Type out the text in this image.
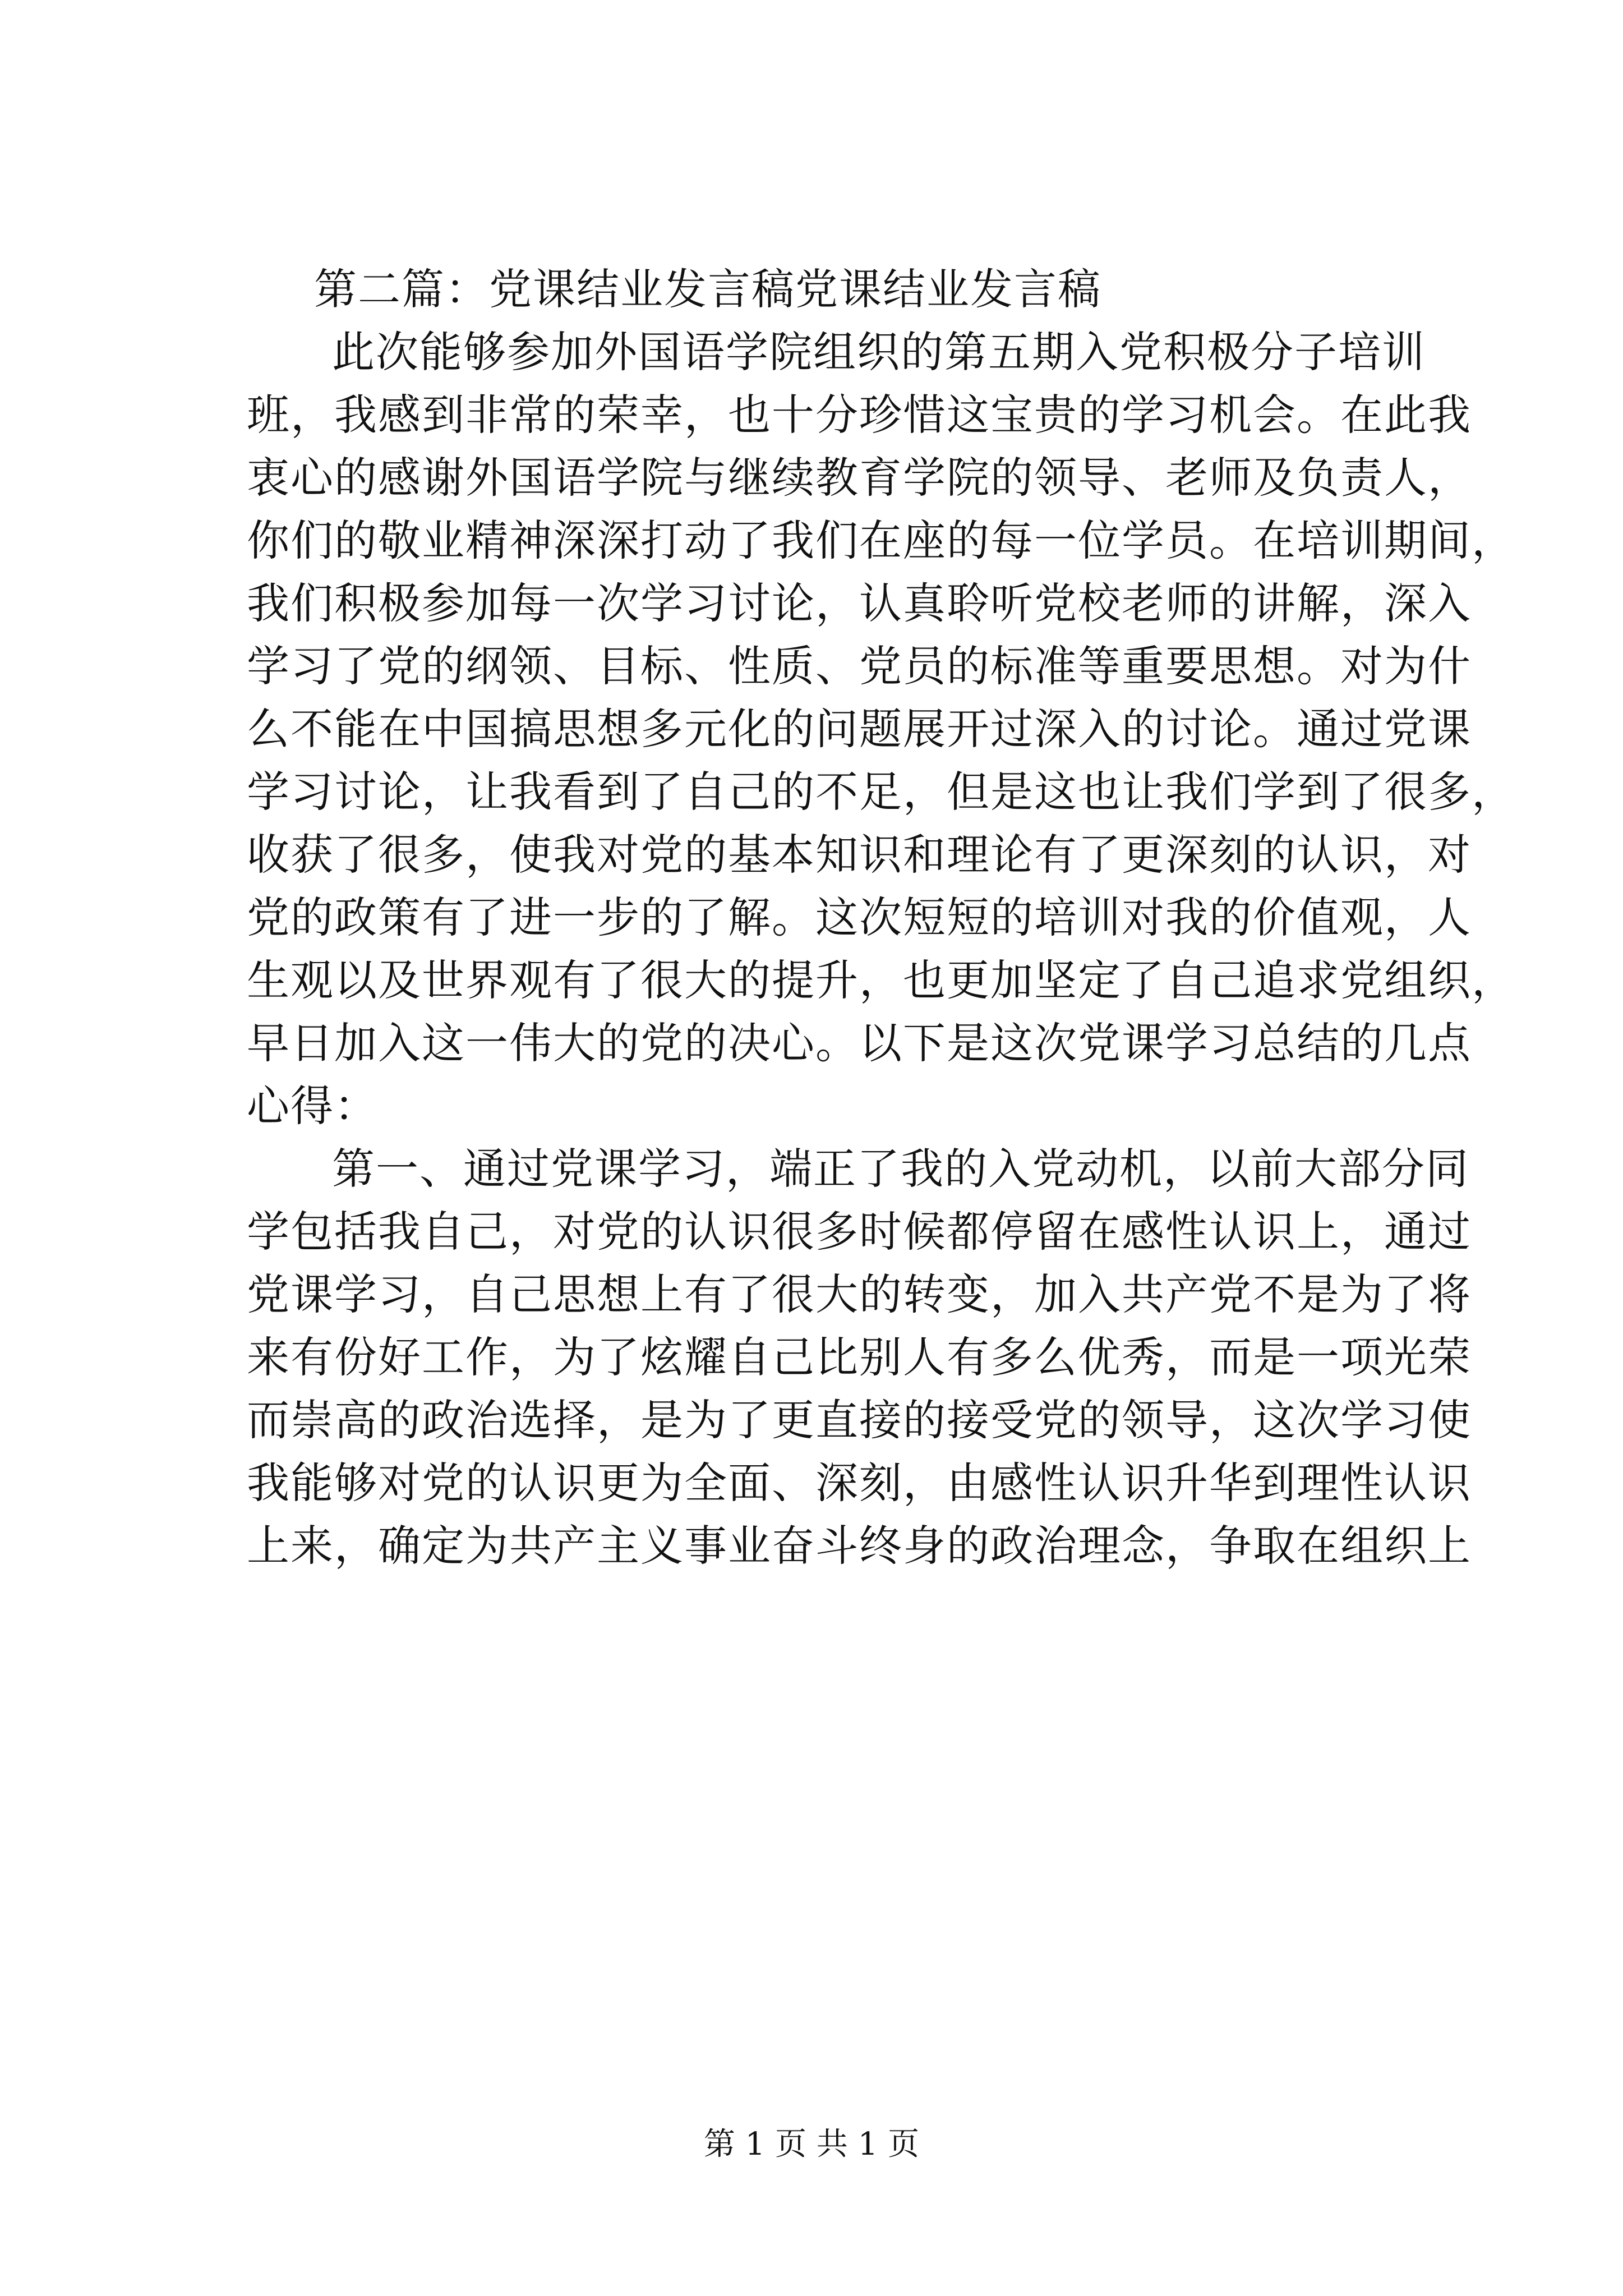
第二篇：党课结业发言稿党课结业发言稿
此次能够参加外国语学院组织的第五期入党积极分子培训
班，我感到非常的荣幸，也十分珍惜这宝贵的学习机会。在此我
衷心的感谢外国语学院与继续教育学院的领导、老师及负责人，
你们的敬业精神深深打动了我们在座的每一位学员。在培训期间，
我们积极参加每一次学习讨论，认真聆听党校老师的讲解，深入
学习了党的纲领、目标、性质、党员的标准等重要思想。对为什
么不能在中国搞思想多元化的问题展开过深入的讨论。通过党课
学习讨论，让我看到了自己的不足，但是这也让我们学到了很多，
收获了很多，使我对党的基本知识和理论有了更深刻的认识，对
党的政策有了进一步的了解。这次短短的培训对我的价值观，人
生观以及世界观有了很大的提升，也更加坚定了自己追求党组织，
早日加入这一伟大的党的决心。以下是这次党课学习总结的几点
心得：
第一、通过党课学习，端正了我的入党动机，以前大部分同
学包括我自己，对党的认识很多时候都停留在感性认识上，通过
党课学习，自己思想上有了很大的转变，加入共产党不是为了将
来有份好工作，为了炫耀自己比别人有多么优秀，而是一项光荣
而崇高的政治选择，是为了更直接的接受党的领导，这次学习使
我能够对党的认识更为全面、深刻，由感性认识升华到理性认识
上来，确定为共产主义事业奋斗终身的政治理念，争取在组织上
第 1 页 共 1 页
